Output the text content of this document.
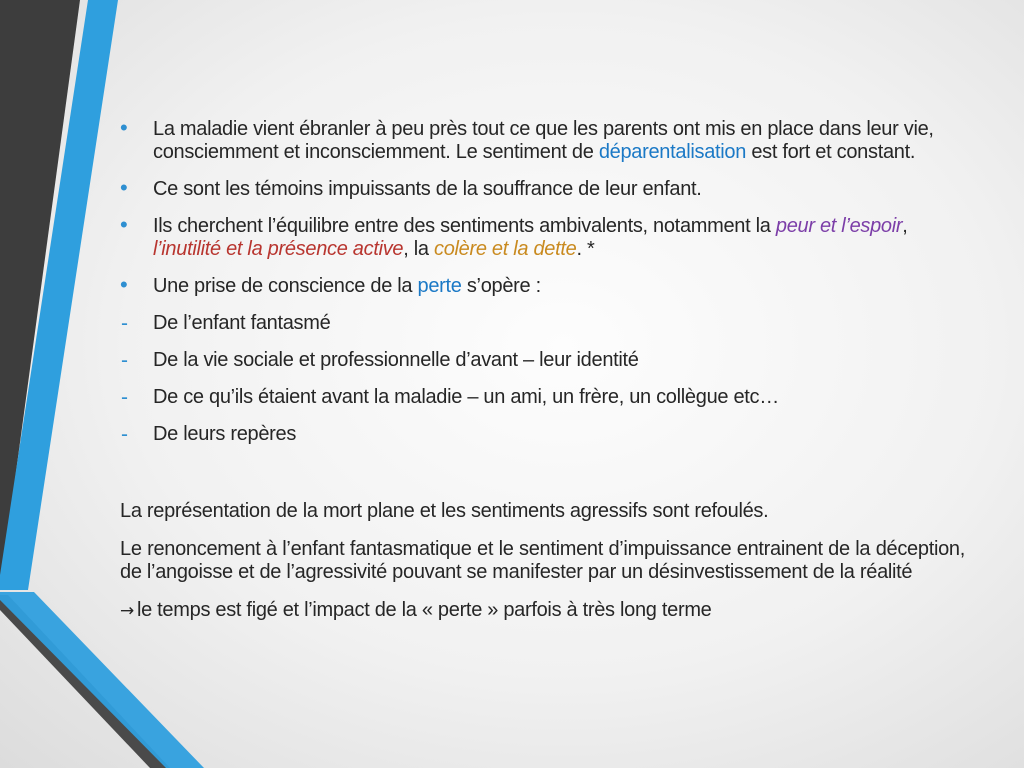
• La maladie vient ébranler à peu près tout ce que les parents ont mis en place dans leur vie, consciemment et inconsciemment. Le sentiment de déparentalisation est fort et constant.
• Ce sont les témoins impuissants de la souffrance de leur enfant.
• Ils cherchent l’équilibre entre des sentiments ambivalents, notamment la peur et l’espoir, l’inutilité et la présence active, la colère et la dette. *
• Une prise de conscience de la perte s’opère :
- De l’enfant fantasmé
- De la vie sociale et professionnelle d’avant – leur identité
- De ce qu’ils étaient avant la maladie – un ami, un frère, un collègue etc…
- De leurs repères

La représentation de la mort plane et les sentiments agressifs sont refoulés.

Le renoncement à l’enfant fantasmatique et le sentiment d’impuissance entrainent de la déception, de l’angoisse et de l’agressivité pouvant se manifester par un désinvestissement de la réalité

→ le temps est figé et l’impact de la « perte » parfois à très long terme
